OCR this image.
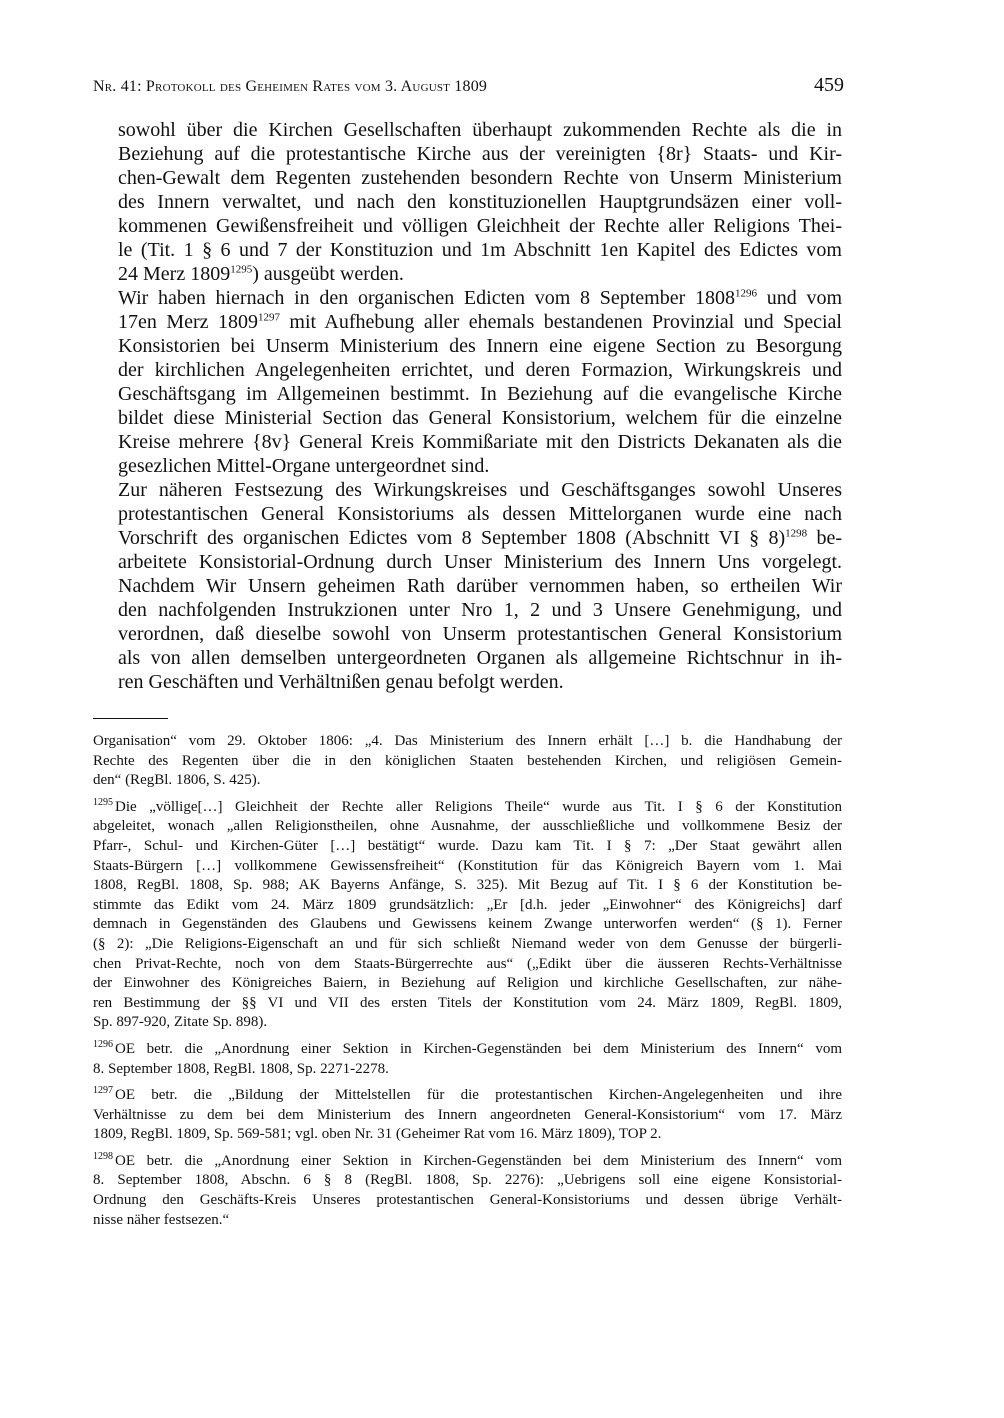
Nr. 41: Protokoll des Geheimen Rates vom 3. August 1809	459
sowohl über die Kirchen Gesellschaften überhaupt zukommenden Rechte als die in
Beziehung auf die protestantische Kirche aus der vereinigten {8r} Staats- und Kir-
chen-Gewalt dem Regenten zustehenden besondern Rechte von Unserm Ministerium
des Innern verwaltet, und nach den konstituzionellen Hauptgrundsäzen einer voll-
kommenen Gewißensfreiheit und völligen Gleichheit der Rechte aller Religions Thei-
le (Tit. 1 § 6 und 7 der Konstituzion und 1m Abschnitt 1en Kapitel des Edictes vom
24 Merz $1809^{1295}$) ausgeübt werden.
Wir haben hiernach in den organischen Edicten vom 8 September $1808^{1296}$ und vom
17en Merz $1809^{1297}$ mit Aufhebung aller ehemals bestandenen Provinzial und Special
Konsistorien bei Unserm Ministerium des Innern eine eigene Section zu Besorgung
der kirchlichen Angelegenheiten errichtet, und deren Formazion, Wirkungskreis und
Geschäftsgang im Allgemeinen bestimmt. In Beziehung auf die evangelische Kirche
bildet diese Ministerial Section das General Konsistorium, welchem für die einzelne
Kreise mehrere {8v} General Kreis Kommißariate mit den Districts Dekanaten als die
gesezlichen Mittel-Organe untergeordnet sind.
Zur näheren Festsezung des Wirkungskreises und Geschäftsganges sowohl Unseres
protestantischen General Konsistoriums als dessen Mittelorganen wurde eine nach
Vorschrift des organischen Edictes vom 8 September 1808 (Abschnitt VI § 8)$^{1298}$ be-
arbeitete Konsistorial-Ordnung durch Unser Ministerium des Innern Uns vorgelegt.
Nachdem Wir Unsern geheimen Rath darüber vernommen haben, so ertheilen Wir
den nachfolgenden Instrukzionen unter Nro 1, 2 und 3 Unsere Genehmigung, und
verordnen, daß dieselbe sowohl von Unserm protestantischen General Konsistorium
als von allen demselben untergeordneten Organen als allgemeine Richtschnur in ih-
ren Geschäften und Verhältnißen genau befolgt werden.
Organisation“ vom 29. Oktober 1806: „4. Das Ministerium des Innern erhält […] b. die Handhabung der
Rechte des Regenten über die in den königlichen Staaten bestehenden Kirchen, und religiösen Gemein-
den“ (RegBl. 1806, S. 425).
$^{1295}$ Die „völlige[…] Gleichheit der Rechte aller Religions Theile“ wurde aus Tit. I § 6 der Konstitution
abgeleitet, wonach „allen Religionstheilen, ohne Ausnahme, der ausschließliche und vollkommene Besiz der
Pfarr-, Schul- und Kirchen-Güter […] bestätigt“ wurde. Dazu kam Tit. I § 7: „Der Staat gewährt allen
Staats-Bürgern […] vollkommene Gewissensfreiheit“ (Konstitution für das Königreich Bayern vom 1. Mai
1808, RegBl. 1808, Sp. 988; AK Bayerns Anfänge, S. 325). Mit Bezug auf Tit. I § 6 der Konstitution be-
stimmte das Edikt vom 24. März 1809 grundsätzlich: „Er [d.h. jeder „Einwohner“ des Königreichs] darf
demnach in Gegenständen des Glaubens und Gewissens keinem Zwange unterworfen werden“ (§ 1). Ferner
(§ 2): „Die Religions-Eigenschaft an und für sich schließt Niemand weder von dem Genusse der bürgerli-
chen Privat-Rechte, noch von dem Staats-Bürgerrechte aus“ („Edikt über die äusseren Rechts-Verhältnisse
der Einwohner des Königreiches Baiern, in Beziehung auf Religion und kirchliche Gesellschaften, zur nähe-
ren Bestimmung der §§ VI und VII des ersten Titels der Konstitution vom 24. März 1809, RegBl. 1809,
Sp. 897-920, Zitate Sp. 898).
$^{1296}$ OE betr. die „Anordnung einer Sektion in Kirchen-Gegenständen bei dem Ministerium des Innern“ vom
8. September 1808, RegBl. 1808, Sp. 2271-2278.
$^{1297}$ OE betr. die „Bildung der Mittelstellen für die protestantischen Kirchen-Angelegenheiten und ihre
Verhältnisse zu dem bei dem Ministerium des Innern angeordneten General-Konsistorium“ vom 17. März
1809, RegBl. 1809, Sp. 569-581; vgl. oben Nr. 31 (Geheimer Rat vom 16. März 1809), TOP 2.
$^{1298}$ OE betr. die „Anordnung einer Sektion in Kirchen-Gegenständen bei dem Ministerium des Innern“ vom
8. September 1808, Abschn. 6 § 8 (RegBl. 1808, Sp. 2276): „Uebrigens soll eine eigene Konsistorial-
Ordnung den Geschäfts-Kreis Unseres protestantischen General-Konsistoriums und dessen übrige Verhält-
nisse näher festsezen.“
